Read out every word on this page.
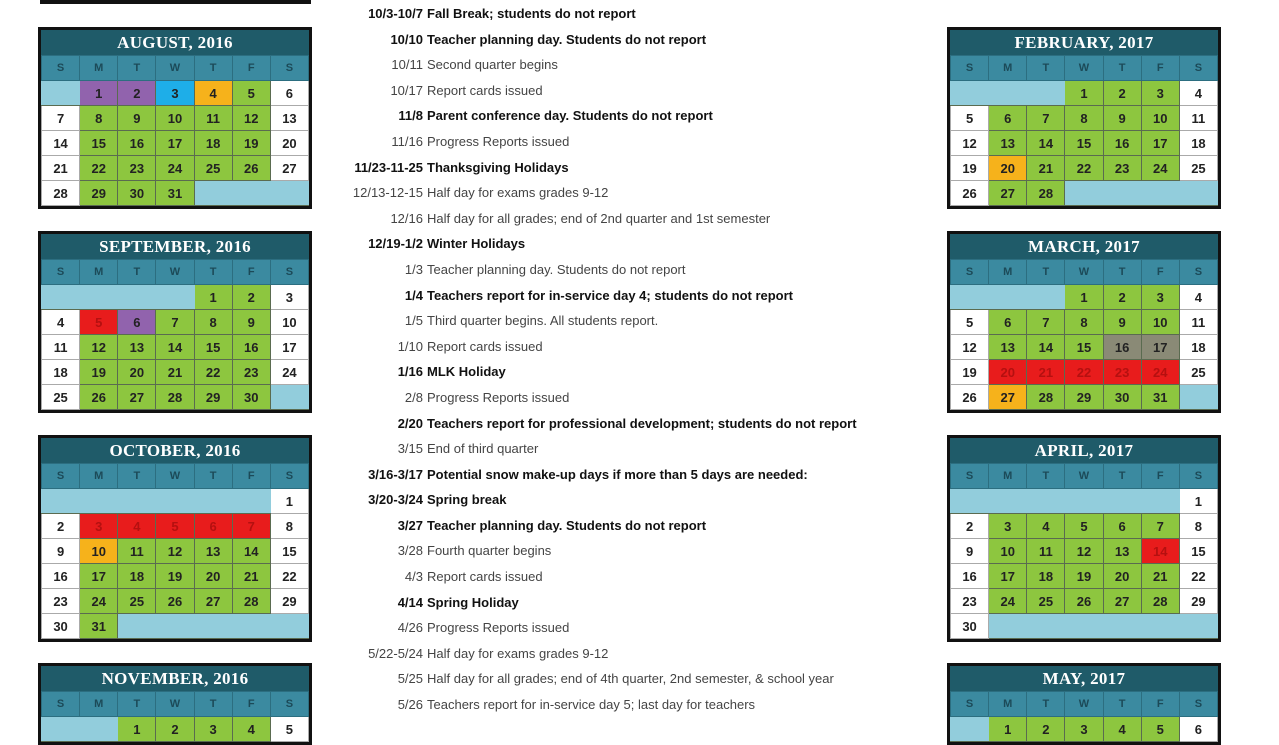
AUGUST, 2016
S	M	T	W	T	F	S
	1	2	3	4	5	6
7	8	9	10	11	12	13
14	15	16	17	18	19	20
21	22	23	24	25	26	27
28	29	30	31			
SEPTEMBER, 2016
S	M	T	W	T	F	S
				1	2	3
4	5	6	7	8	9	10
11	12	13	14	15	16	17
18	19	20	21	22	23	24
25	26	27	28	29	30	
OCTOBER, 2016
S	M	T	W	T	F	S
						1
2	3	4	5	6	7	8
9	10	11	12	13	14	15
16	17	18	19	20	21	22
23	24	25	26	27	28	29
30	31					
NOVEMBER, 2016
S	M	T	W	T	F	S
		1	2	3	4	5
FEBRUARY, 2017
S	M	T	W	T	F	S
			1	2	3	4
5	6	7	8	9	10	11
12	13	14	15	16	17	18
19	20	21	22	23	24	25
26	27	28				
MARCH, 2017
S	M	T	W	T	F	S
			1	2	3	4
5	6	7	8	9	10	11
12	13	14	15	16	17	18
19	20	21	22	23	24	25
26	27	28	29	30	31	
APRIL, 2017
S	M	T	W	T	F	S
						1
2	3	4	5	6	7	8
9	10	11	12	13	14	15
16	17	18	19	20	21	22
23	24	25	26	27	28	29
30						
MAY, 2017
S	M	T	W	T	F	S
	1	2	3	4	5	6
10/3-10/7 Fall Break; students do not report
10/10 Teacher planning day. Students do not report
10/11 Second quarter begins
10/17 Report cards issued
11/8 Parent conference day. Students do not report
11/16 Progress Reports issued
11/23-11-25 Thanksgiving Holidays
12/13-12-15 Half day for exams grades 9-12
12/16 Half day for all grades; end of 2nd quarter and 1st semester
12/19-1/2 Winter Holidays
1/3 Teacher planning day. Students do not report
1/4 Teachers report for in-service day 4; students do not report
1/5 Third quarter begins. All students report.
1/10 Report cards issued
1/16 MLK Holiday
2/8 Progress Reports issued
2/20 Teachers report for professional development; students do not report
3/15 End of third quarter
3/16-3/17 Potential snow make-up days if more than 5 days are needed:
3/20-3/24 Spring break
3/27 Teacher planning day. Students do not report
3/28 Fourth quarter begins
4/3 Report cards issued
4/14 Spring Holiday
4/26 Progress Reports issued
5/22-5/24 Half day for exams grades 9-12
5/25 Half day for all grades; end of 4th quarter, 2nd semester, & school year
5/26 Teachers report for in-service day 5; last day for teachers
